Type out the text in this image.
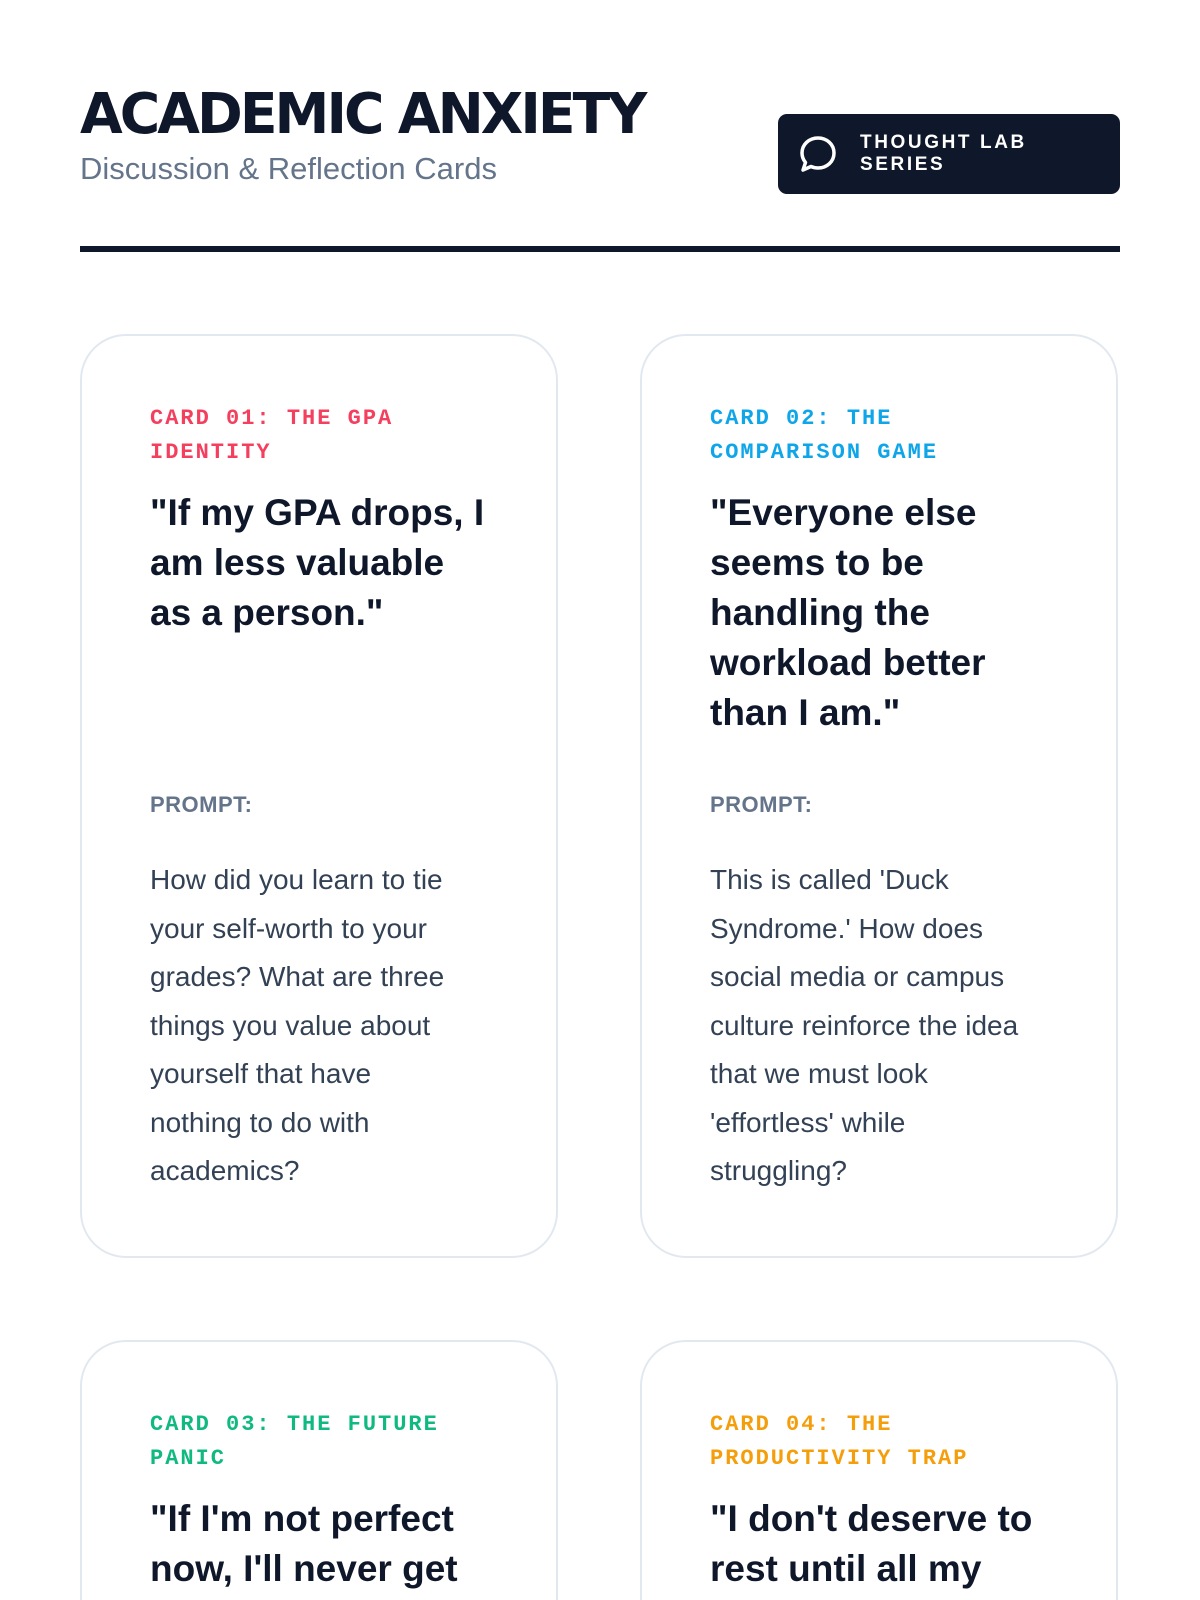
ACADEMIC ANXIETY
Discussion & Reflection Cards
THOUGHT LAB SERIES
CARD 01: THE GPA IDENTITY
"If my GPA drops, I am less valuable as a person."
PROMPT:
How did you learn to tie your self-worth to your grades? What are three things you value about yourself that have nothing to do with academics?
CARD 02: THE COMPARISON GAME
"Everyone else seems to be handling the workload better than I am."
PROMPT:
This is called 'Duck Syndrome.' How does social media or campus culture reinforce the idea that we must look 'effortless' while struggling?
CARD 03: THE FUTURE PANIC
"If I'm not perfect now, I'll never get
CARD 04: THE PRODUCTIVITY TRAP
"I don't deserve to rest until all my
